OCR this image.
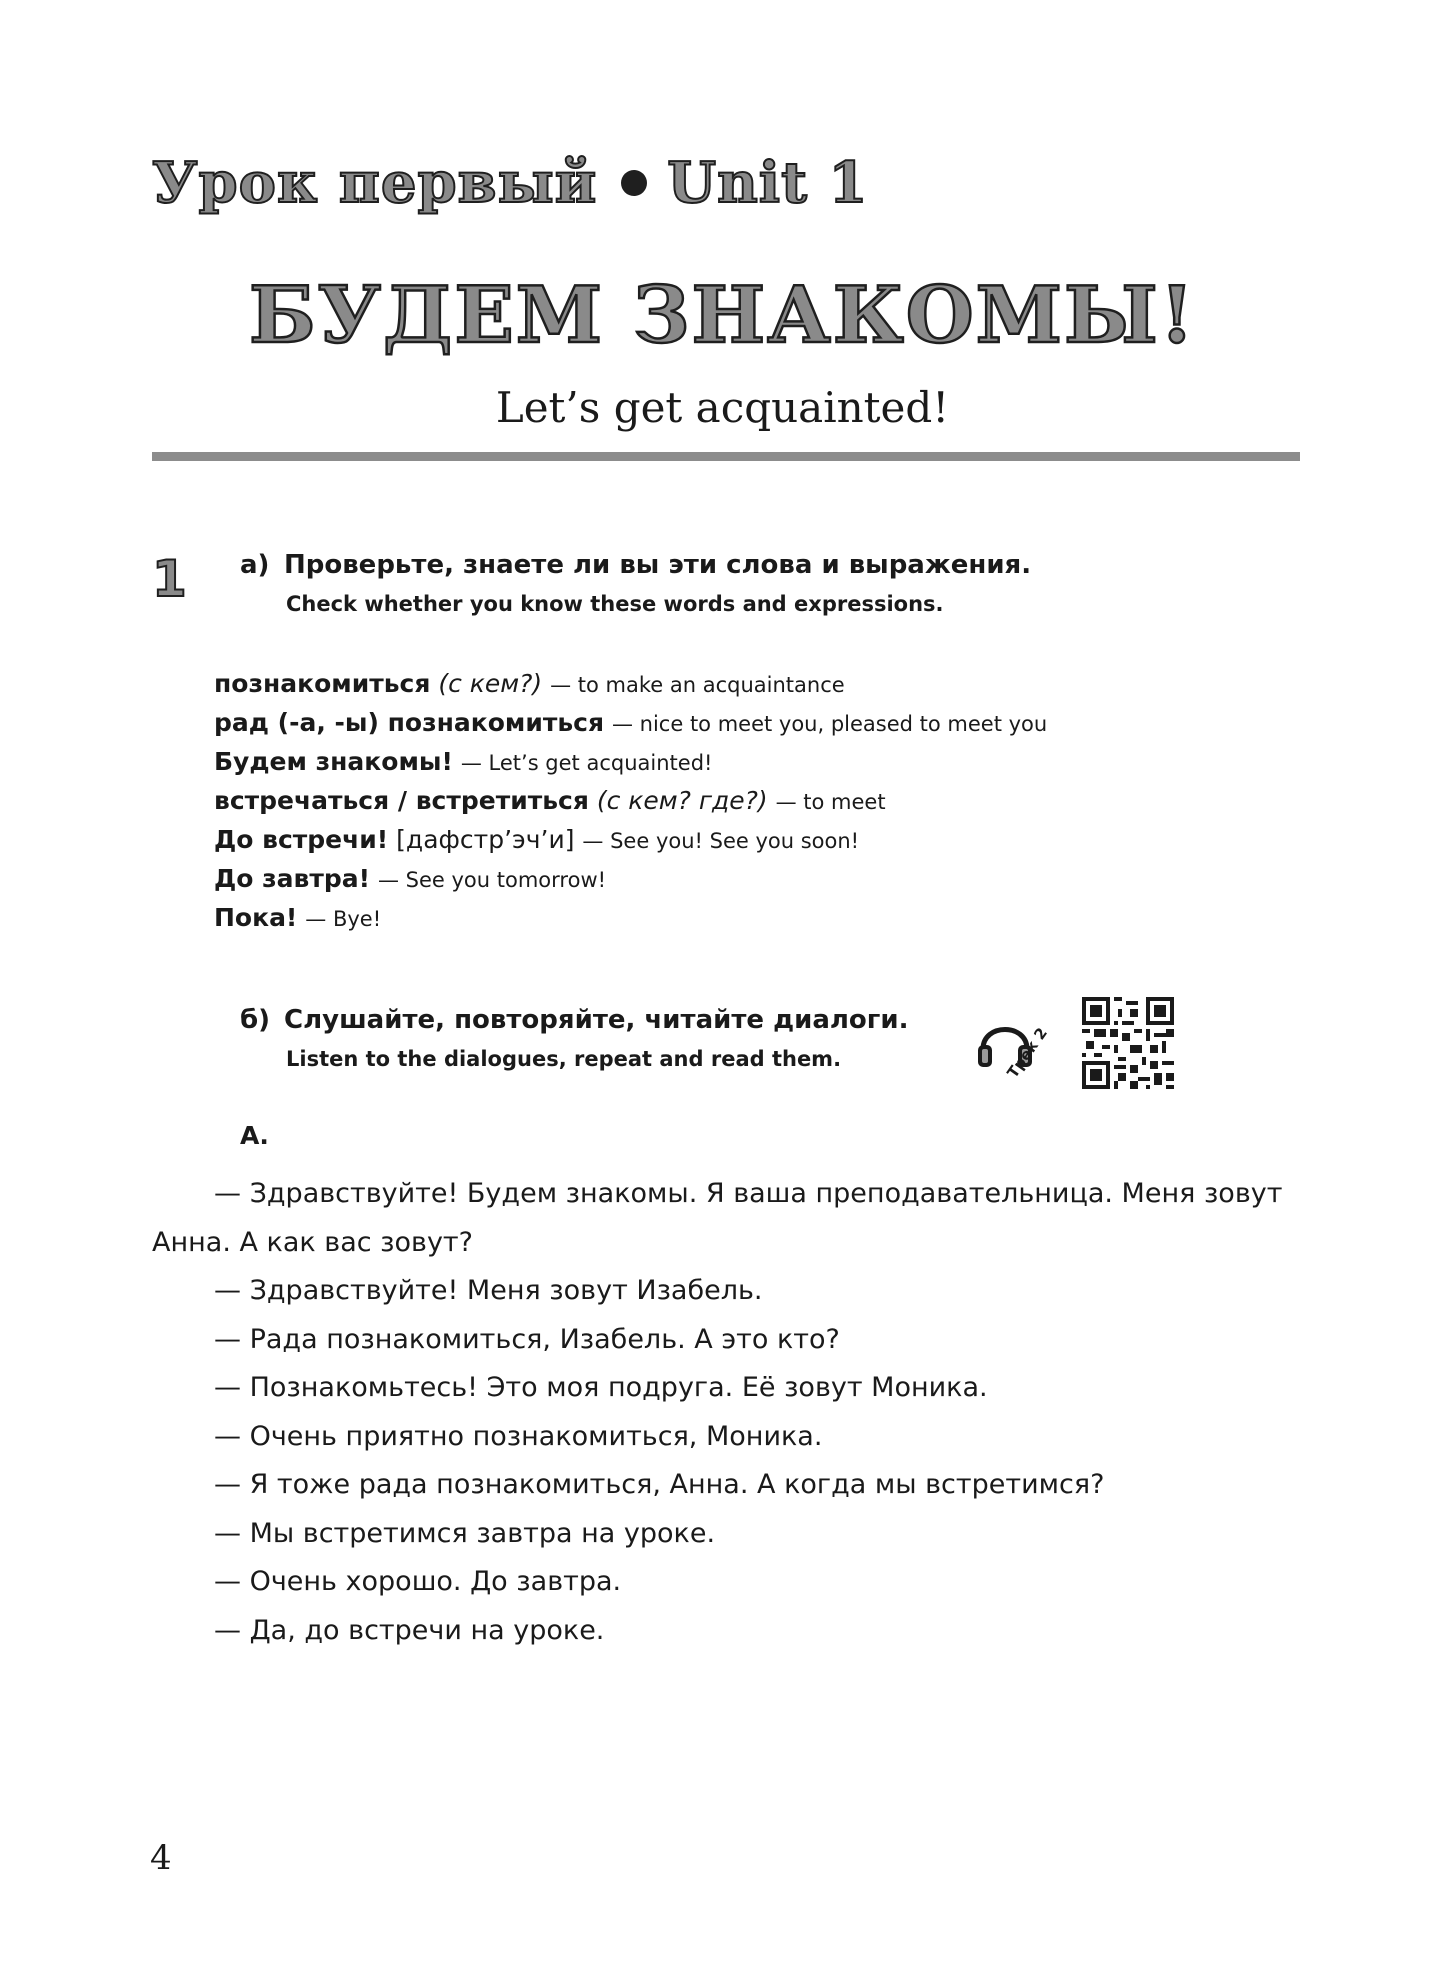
Урок первый Unit 1
БУДЕМ ЗНАКОМЫ!
Let’s get acquainted!
1 а) Проверьте, знаете ли вы эти слова и выражения.
Check whether you know these words and expressions.
познакомиться (с кем?) — to make an acquaintance
рад (-а, -ы) познакомиться — nice to meet you, pleased to meet you
Будем знакомы! — Let’s get acquainted!
встречаться / встретиться (с кем? где?) — to meet
До встречи! [дафстр’эч’и] — See you! See you soon!
До завтра! — See you tomorrow!
Пока! — Bye!
б) Слушайте, повторяйте, читайте диалоги.
Listen to the dialogues, repeat and read them.	Трек 2
А.
— Здравствуйте! Будем знакомы. Я ваша преподавательница. Меня зовут
Анна. А как вас зовут?
— Здравствуйте! Меня зовут Изабель.
— Рада познакомиться, Изабель. А это кто?
— Познакомьтесь! Это моя подруга. Её зовут Моника.
— Очень приятно познакомиться, Моника.
— Я тоже рада познакомиться, Анна. А когда мы встретимся?
— Мы встретимся завтра на уроке.
— Очень хорошо. До завтра.
— Да, до встречи на уроке.
4
